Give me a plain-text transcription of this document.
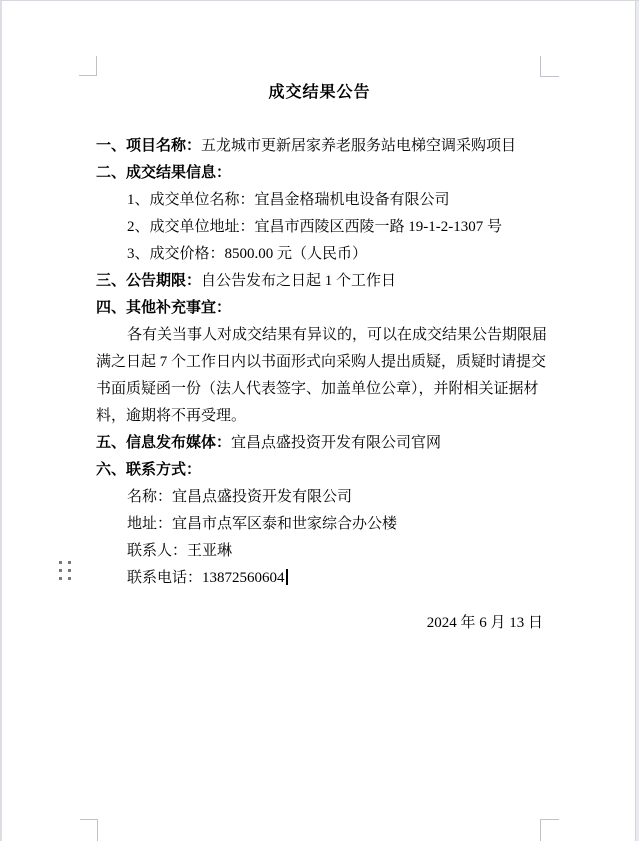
成交结果公告
一、项目名称：五龙城市更新居家养老服务站电梯空调采购项目
二、成交结果信息：
1、成交单位名称：宜昌金格瑞机电设备有限公司
2、成交单位地址：宜昌市西陵区西陵一路 19-1-2-1307 号
3、成交价格：8500.00 元（人民币）
三、公告期限：自公告发布之日起 1 个工作日
四、其他补充事宜：
各有关当事人对成交结果有异议的，可以在成交结果公告期限届
满之日起 7 个工作日内以书面形式向采购人提出质疑，质疑时请提交
书面质疑函一份（法人代表签字、加盖单位公章），并附相关证据材
料，逾期将不再受理。
五、信息发布媒体：宜昌点盛投资开发有限公司官网
六、联系方式：
名称：宜昌点盛投资开发有限公司
地址：宜昌市点军区泰和世家综合办公楼
联系人：王亚琳
联系电话：13872560604
2024 年 6 月 13 日
